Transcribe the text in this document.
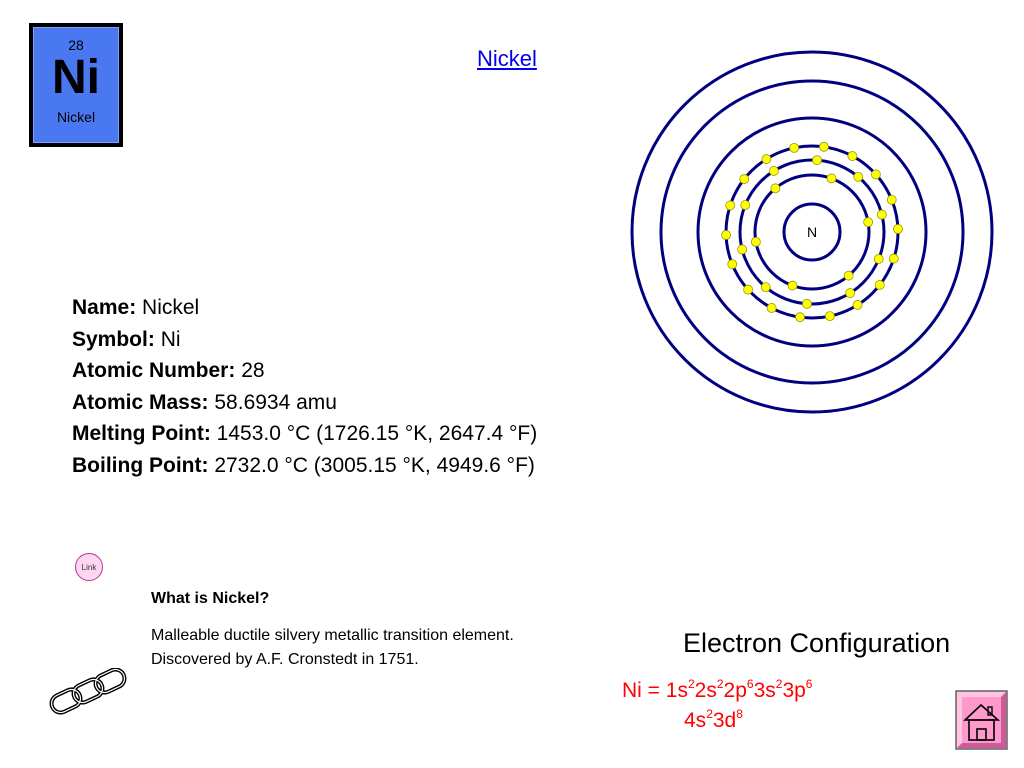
28
Ni
Nickel
Nickel
N
Name: Nickel
Symbol: Ni
Atomic Number: 28
Atomic Mass: 58.6934 amu
Melting Point: 1453.0 °C (1726.15 °K, 2647.4 °F)
Boiling Point: 2732.0 °C (3005.15 °K, 4949.6 °F)
Link
What is Nickel?
Malleable ductile silvery metallic transition element.
Discovered by A.F. Cronstedt in 1751.
Electron Configuration
$Ni = 1s^22s^22p^63s^23p^6$
$4s^23d^8$
